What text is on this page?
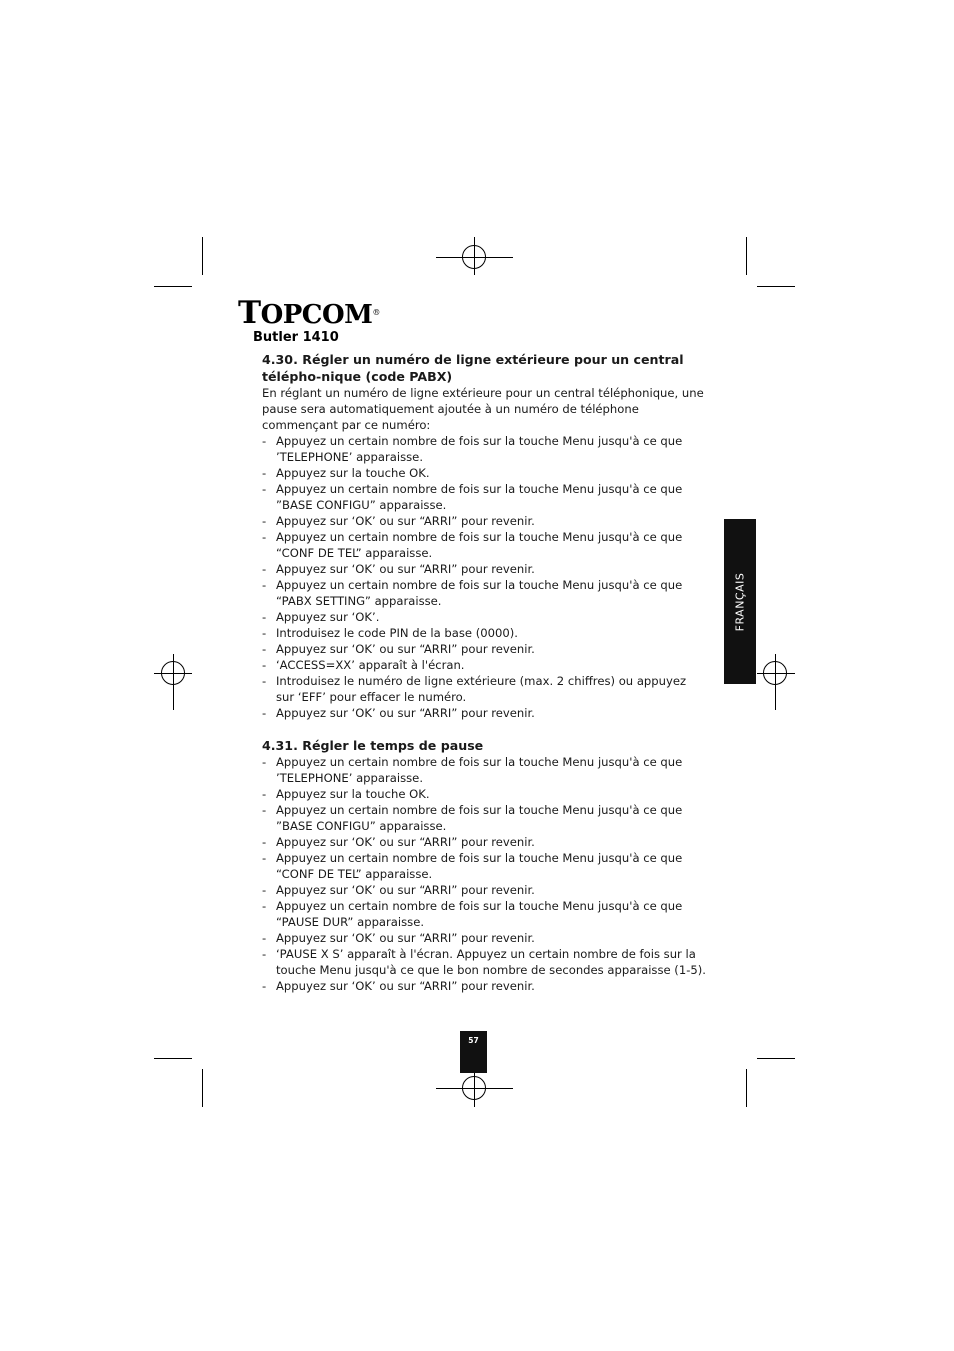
TOPCOM®
Butler 1410
4.30. Régler un numéro de ligne extérieure pour un central télépho-nique (code PABX)

En réglant un numéro de ligne extérieure pour un central téléphonique, une pause sera automatiquement ajoutée à un numéro de téléphone commençant par ce numéro:

- Appuyez un certain nombre de fois sur la touche Menu jusqu'à ce que ’TELEPHONE’ apparaisse.
- Appuyez sur la touche OK.
- Appuyez un certain nombre de fois sur la touche Menu jusqu'à ce que ”BASE CONFIGU” apparaisse.
- Appuyez sur ‘OK’ ou sur “ARRI” pour revenir.
- Appuyez un certain nombre de fois sur la touche Menu jusqu'à ce que “CONF DE TEL” apparaisse.
- Appuyez sur ‘OK’ ou sur “ARRI” pour revenir.
- Appuyez un certain nombre de fois sur la touche Menu jusqu'à ce que “PABX SETTING” apparaisse.
- Appuyez sur ‘OK’.
- Introduisez le code PIN de la base (0000).
- Appuyez sur ‘OK’ ou sur “ARRI” pour revenir.
- ‘ACCESS=XX’ apparaît à l'écran.
- Introduisez le numéro de ligne extérieure (max. 2 chiffres) ou appuyez sur ‘EFF’ pour effacer le numéro.
- Appuyez sur ‘OK’ ou sur “ARRI” pour revenir.
4.31. Régler le temps de pause
- Appuyez un certain nombre de fois sur la touche Menu jusqu'à ce que ’TELEPHONE’ apparaisse.
- Appuyez sur la touche OK.
- Appuyez un certain nombre de fois sur la touche Menu jusqu'à ce que ”BASE CONFIGU” apparaisse.
- Appuyez sur ‘OK’ ou sur “ARRI” pour revenir.
- Appuyez un certain nombre de fois sur la touche Menu jusqu'à ce que “CONF DE TEL” apparaisse.
- Appuyez sur ‘OK’ ou sur “ARRI” pour revenir.
- Appuyez un certain nombre de fois sur la touche Menu jusqu'à ce que “PAUSE DUR” apparaisse.
- Appuyez sur ‘OK’ ou sur “ARRI” pour revenir.
- ‘PAUSE X S’ apparaît à l'écran. Appuyez un certain nombre de fois sur la touche Menu jusqu'à ce que le bon nombre de secondes apparaisse (1-5).
- Appuyez sur ‘OK’ ou sur “ARRI” pour revenir.
FRANÇAIS
57
